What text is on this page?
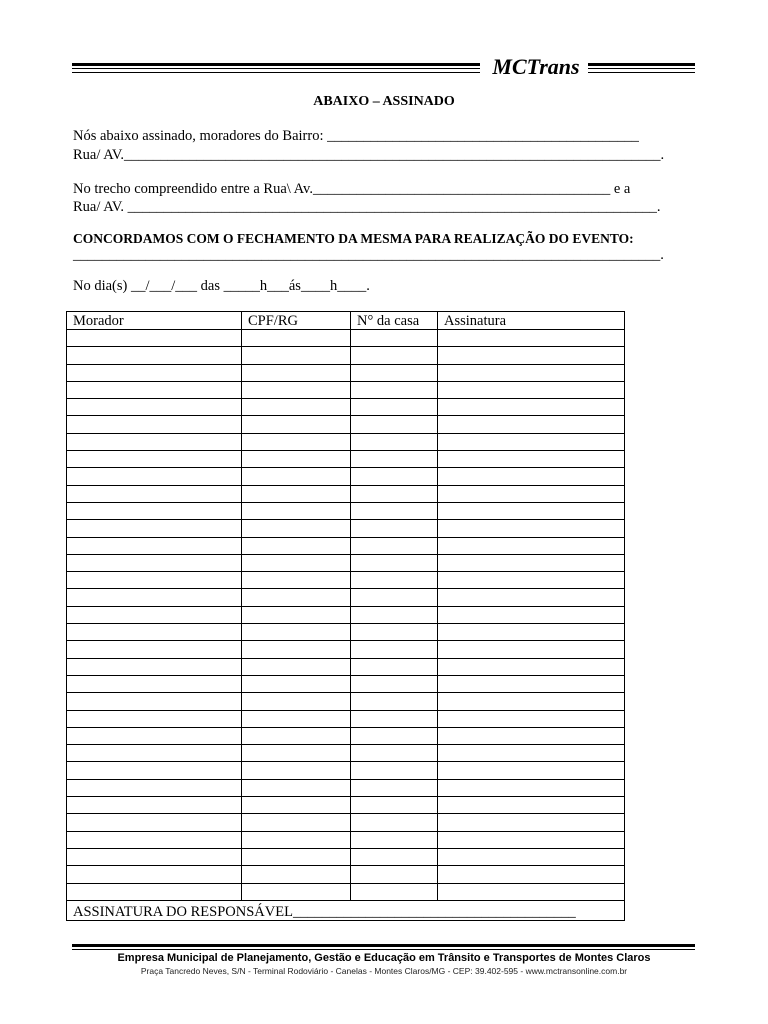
MCTrans
ABAIXO – ASSINADO
Nós abaixo assinado, moradores do Bairro: ___________________________________________
Rua/ AV.__________________________________________________________________________.
No trecho compreendido entre a Rua\ Av._________________________________________ e a
Rua/ AV. _________________________________________________________________________.
CONCORDAMOS COM O FECHAMENTO DA MESMA PARA REALIZAÇÃO DO EVENTO:
_________________________________________________________________________________.
No dia(s) __/___/___ das _____h___ás____h____.
Morador	CPF/RG	N° da casa	Assinatura

ASSINATURA DO RESPONSÁVEL_______________________________________			
Empresa Municipal de Planejamento, Gestão e Educação em Trânsito e Transportes de Montes Claros
Praça Tancredo Neves, S/N - Terminal Rodoviário - Canelas - Montes Claros/MG - CEP: 39.402-595 - www.mctransonline.com.br
